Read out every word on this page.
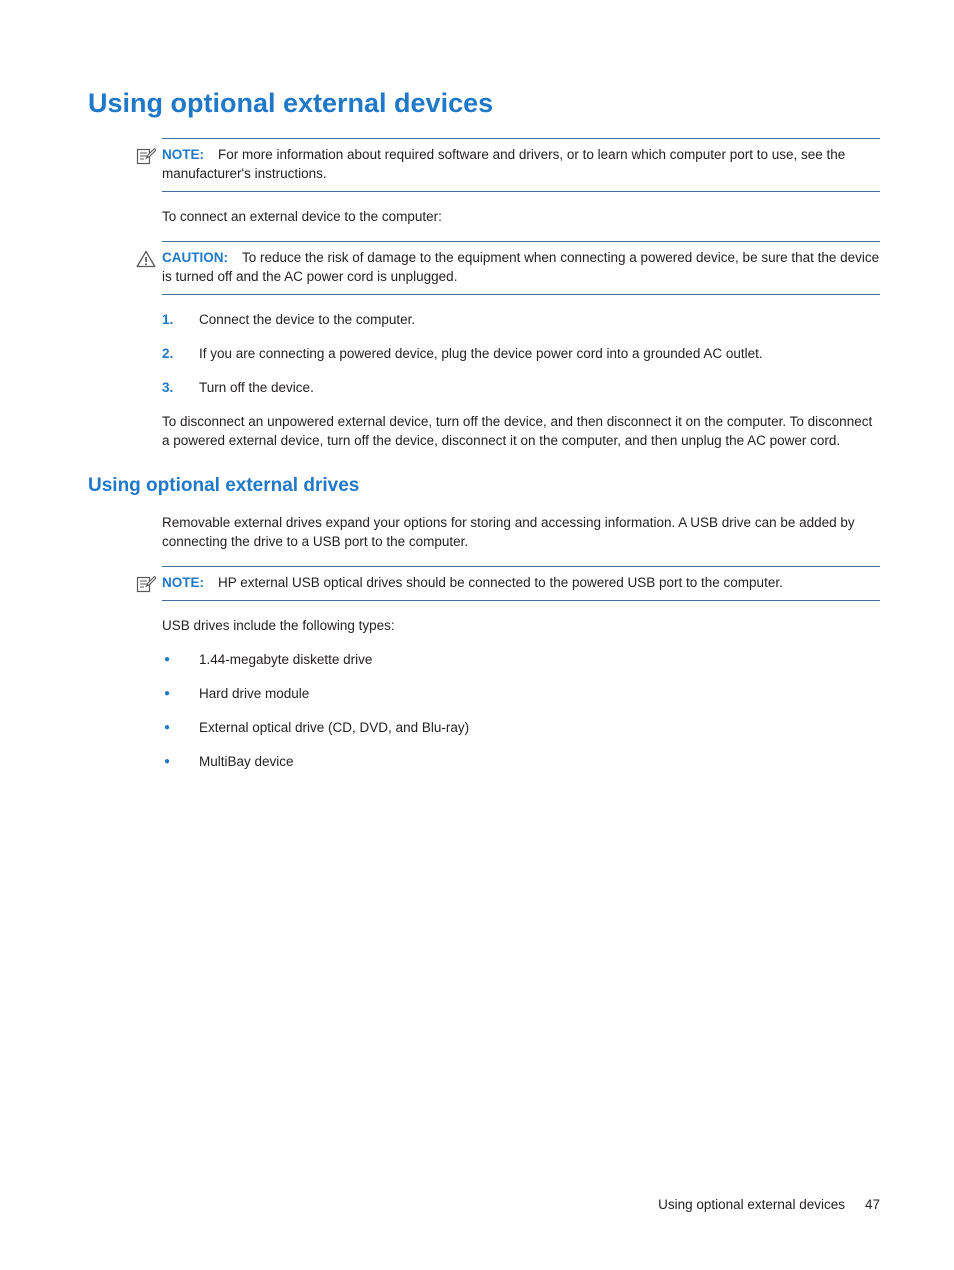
Using optional external devices

NOTE: For more information about required software and drivers, or to learn which computer port to use, see the manufacturer's instructions.

To connect an external device to the computer:

CAUTION: To reduce the risk of damage to the equipment when connecting a powered device, be sure that the device is turned off and the AC power cord is unplugged.

1.	Connect the device to the computer.
2.	If you are connecting a powered device, plug the device power cord into a grounded AC outlet.
3.	Turn off the device.

To disconnect an unpowered external device, turn off the device, and then disconnect it on the computer. To disconnect a powered external device, turn off the device, disconnect it on the computer, and then unplug the AC power cord.

Using optional external drives

Removable external drives expand your options for storing and accessing information. A USB drive can be added by connecting the drive to a USB port to the computer.

NOTE: HP external USB optical drives should be connected to the powered USB port to the computer.

USB drives include the following types:

●	1.44-megabyte diskette drive
●	Hard drive module
●	External optical drive (CD, DVD, and Blu-ray)
●	MultiBay device
Using optional external devices 47
